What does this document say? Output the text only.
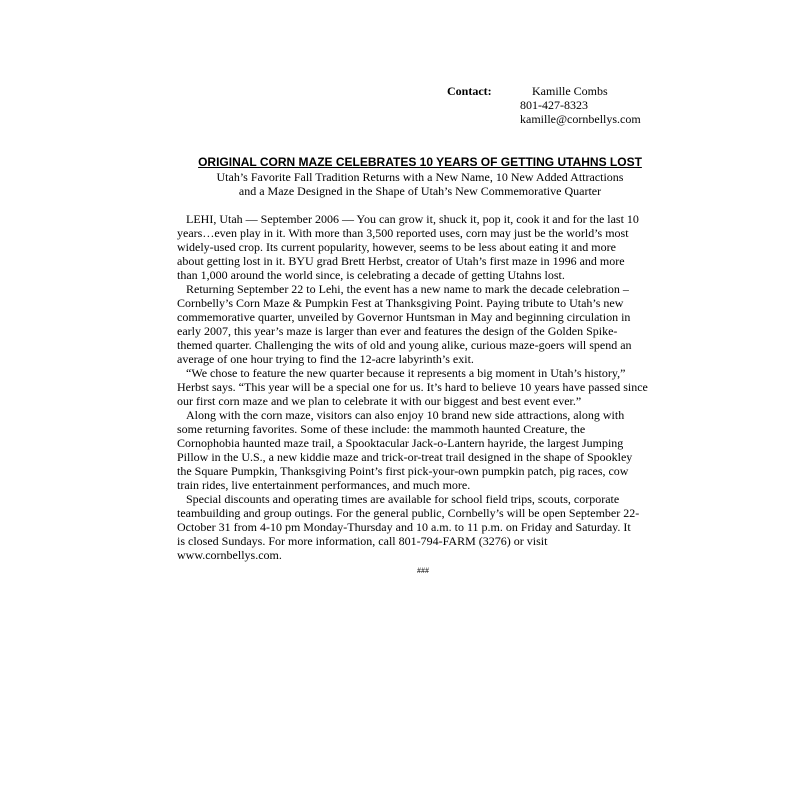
Contact:	Kamille Combs
801-427-8323
kamille@cornbellys.com
ORIGINAL CORN MAZE CELEBRATES 10 YEARS OF GETTING UTAHNS LOST
Utah’s Favorite Fall Tradition Returns with a New Name, 10 New Added Attractions
and a Maze Designed in the Shape of Utah’s New Commemorative Quarter
LEHI, Utah — September 2006 — You can grow it, shuck it, pop it, cook it and for the last 10
years…even play in it. With more than 3,500 reported uses, corn may just be the world’s most
widely-used crop. Its current popularity, however, seems to be less about eating it and more
about getting lost in it. BYU grad Brett Herbst, creator of Utah’s first maze in 1996 and more
than 1,000 around the world since, is celebrating a decade of getting Utahns lost.
Returning September 22 to Lehi, the event has a new name to mark the decade celebration –
Cornbelly’s Corn Maze & Pumpkin Fest at Thanksgiving Point. Paying tribute to Utah’s new
commemorative quarter, unveiled by Governor Huntsman in May and beginning circulation in
early 2007, this year’s maze is larger than ever and features the design of the Golden Spike-
themed quarter. Challenging the wits of old and young alike, curious maze-goers will spend an
average of one hour trying to find the 12-acre labyrinth’s exit.
“We chose to feature the new quarter because it represents a big moment in Utah’s history,”
Herbst says. “This year will be a special one for us. It’s hard to believe 10 years have passed since
our first corn maze and we plan to celebrate it with our biggest and best event ever.”
Along with the corn maze, visitors can also enjoy 10 brand new side attractions, along with
some returning favorites. Some of these include: the mammoth haunted Creature, the
Cornophobia haunted maze trail, a Spooktacular Jack-o-Lantern hayride, the largest Jumping
Pillow in the U.S., a new kiddie maze and trick-or-treat trail designed in the shape of Spookley
the Square Pumpkin, Thanksgiving Point’s first pick-your-own pumpkin patch, pig races, cow
train rides, live entertainment performances, and much more.
Special discounts and operating times are available for school field trips, scouts, corporate
teambuilding and group outings. For the general public, Cornbelly’s will be open September 22-
October 31 from 4-10 pm Monday-Thursday and 10 a.m. to 11 p.m. on Friday and Saturday. It
is closed Sundays. For more information, call 801-794-FARM (3276) or visit
www.cornbellys.com.
###
